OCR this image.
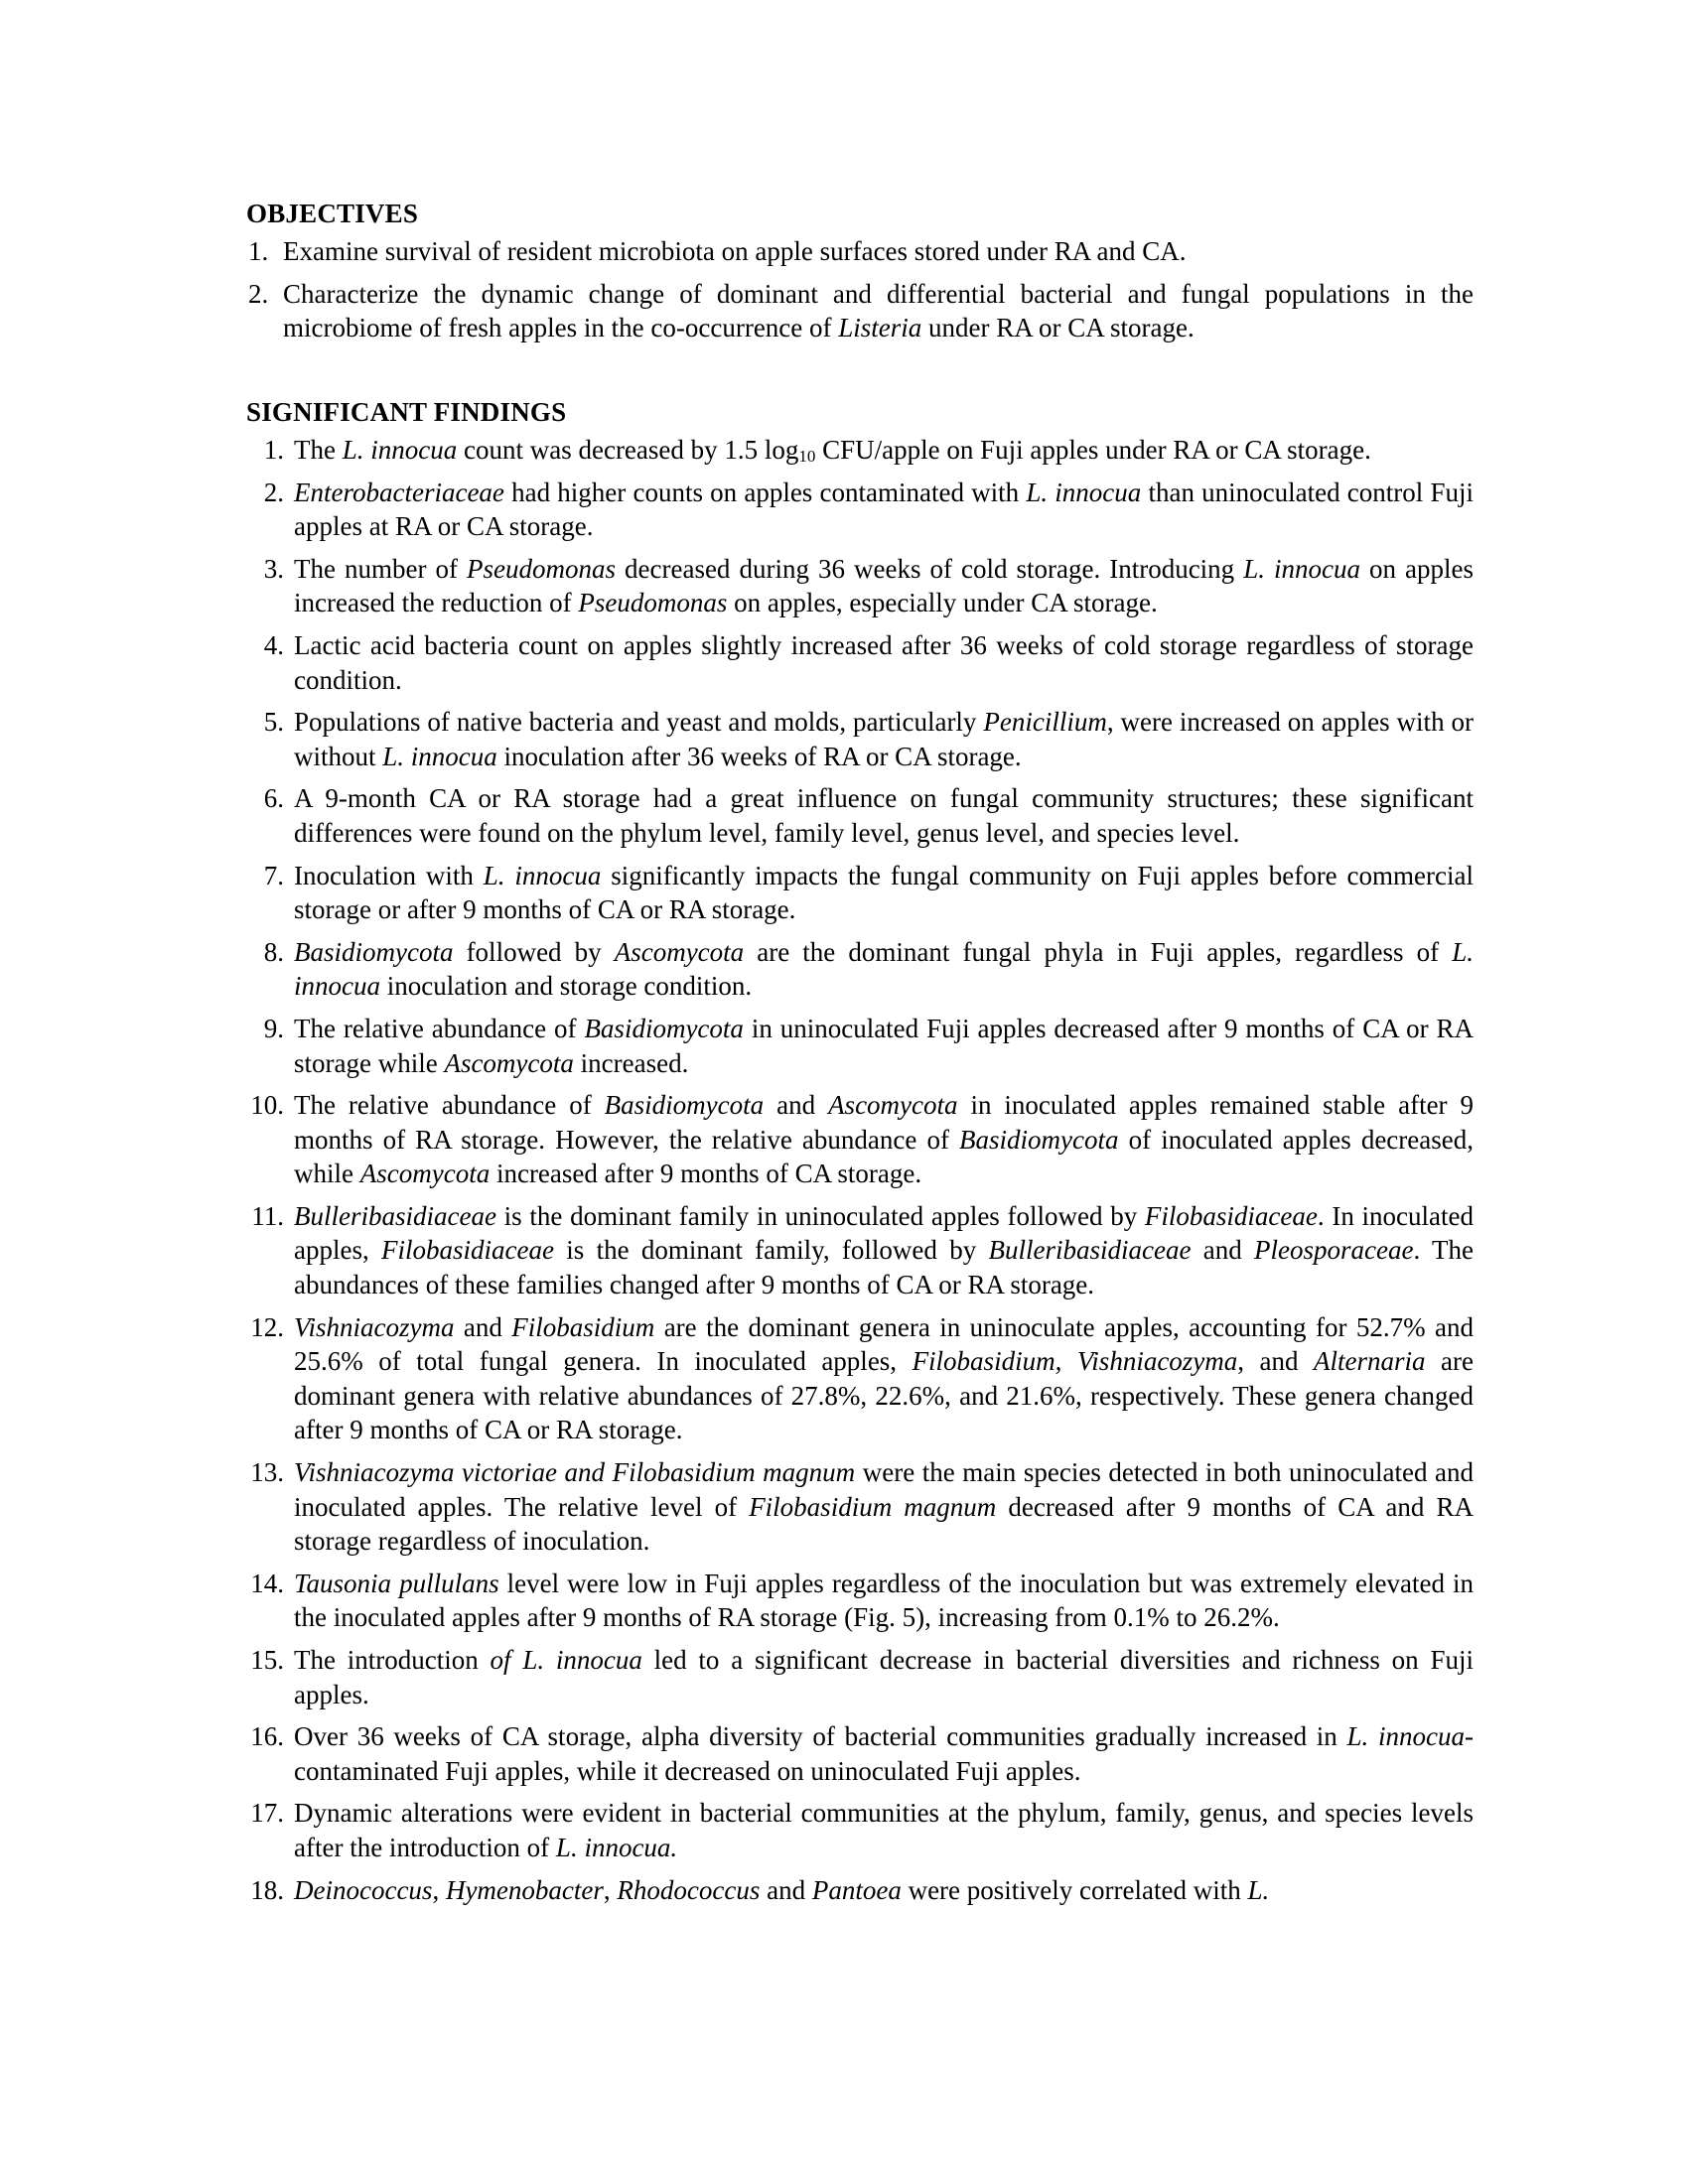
OBJECTIVES
1. Examine survival of resident microbiota on apple surfaces stored under RA and CA.
2. Characterize the dynamic change of dominant and differential bacterial and fungal populations in the microbiome of fresh apples in the co-occurrence of Listeria under RA or CA storage.
SIGNIFICANT FINDINGS
1. The L. innocua count was decreased by 1.5 $\log_{10}$ CFU/apple on Fuji apples under RA or CA storage.
2. Enterobacteriaceae had higher counts on apples contaminated with L. innocua than uninoculated control Fuji apples at RA or CA storage.
3. The number of Pseudomonas decreased during 36 weeks of cold storage. Introducing L. innocua on apples increased the reduction of Pseudomonas on apples, especially under CA storage.
4. Lactic acid bacteria count on apples slightly increased after 36 weeks of cold storage regardless of storage condition.
5. Populations of native bacteria and yeast and molds, particularly Penicillium, were increased on apples with or without L. innocua inoculation after 36 weeks of RA or CA storage.
6. A 9-month CA or RA storage had a great influence on fungal community structures; these significant differences were found on the phylum level, family level, genus level, and species level.
7. Inoculation with L. innocua significantly impacts the fungal community on Fuji apples before commercial storage or after 9 months of CA or RA storage.
8. Basidiomycota followed by Ascomycota are the dominant fungal phyla in Fuji apples, regardless of L. innocua inoculation and storage condition.
9. The relative abundance of Basidiomycota in uninoculated Fuji apples decreased after 9 months of CA or RA storage while Ascomycota increased.
10. The relative abundance of Basidiomycota and Ascomycota in inoculated apples remained stable after 9 months of RA storage. However, the relative abundance of Basidiomycota of inoculated apples decreased, while Ascomycota increased after 9 months of CA storage.
11. Bulleribasidiaceae is the dominant family in uninoculated apples followed by Filobasidiaceae. In inoculated apples, Filobasidiaceae is the dominant family, followed by Bulleribasidiaceae and Pleosporaceae. The abundances of these families changed after 9 months of CA or RA storage.
12. Vishniacozyma and Filobasidium are the dominant genera in uninoculate apples, accounting for 52.7% and 25.6% of total fungal genera. In inoculated apples, Filobasidium, Vishniacozyma, and Alternaria are dominant genera with relative abundances of 27.8%, 22.6%, and 21.6%, respectively. These genera changed after 9 months of CA or RA storage.
13. Vishniacozyma victoriae and Filobasidium magnum were the main species detected in both uninoculated and inoculated apples. The relative level of Filobasidium magnum decreased after 9 months of CA and RA storage regardless of inoculation.
14. Tausonia pullulans level were low in Fuji apples regardless of the inoculation but was extremely elevated in the inoculated apples after 9 months of RA storage (Fig. 5), increasing from 0.1% to 26.2%.
15. The introduction of L. innocua led to a significant decrease in bacterial diversities and richness on Fuji apples.
16. Over 36 weeks of CA storage, alpha diversity of bacterial communities gradually increased in L. innocua-contaminated Fuji apples, while it decreased on uninoculated Fuji apples.
17. Dynamic alterations were evident in bacterial communities at the phylum, family, genus, and species levels after the introduction of L. innocua.
18. Deinococcus, Hymenobacter, Rhodococcus and Pantoea were positively correlated with L.
